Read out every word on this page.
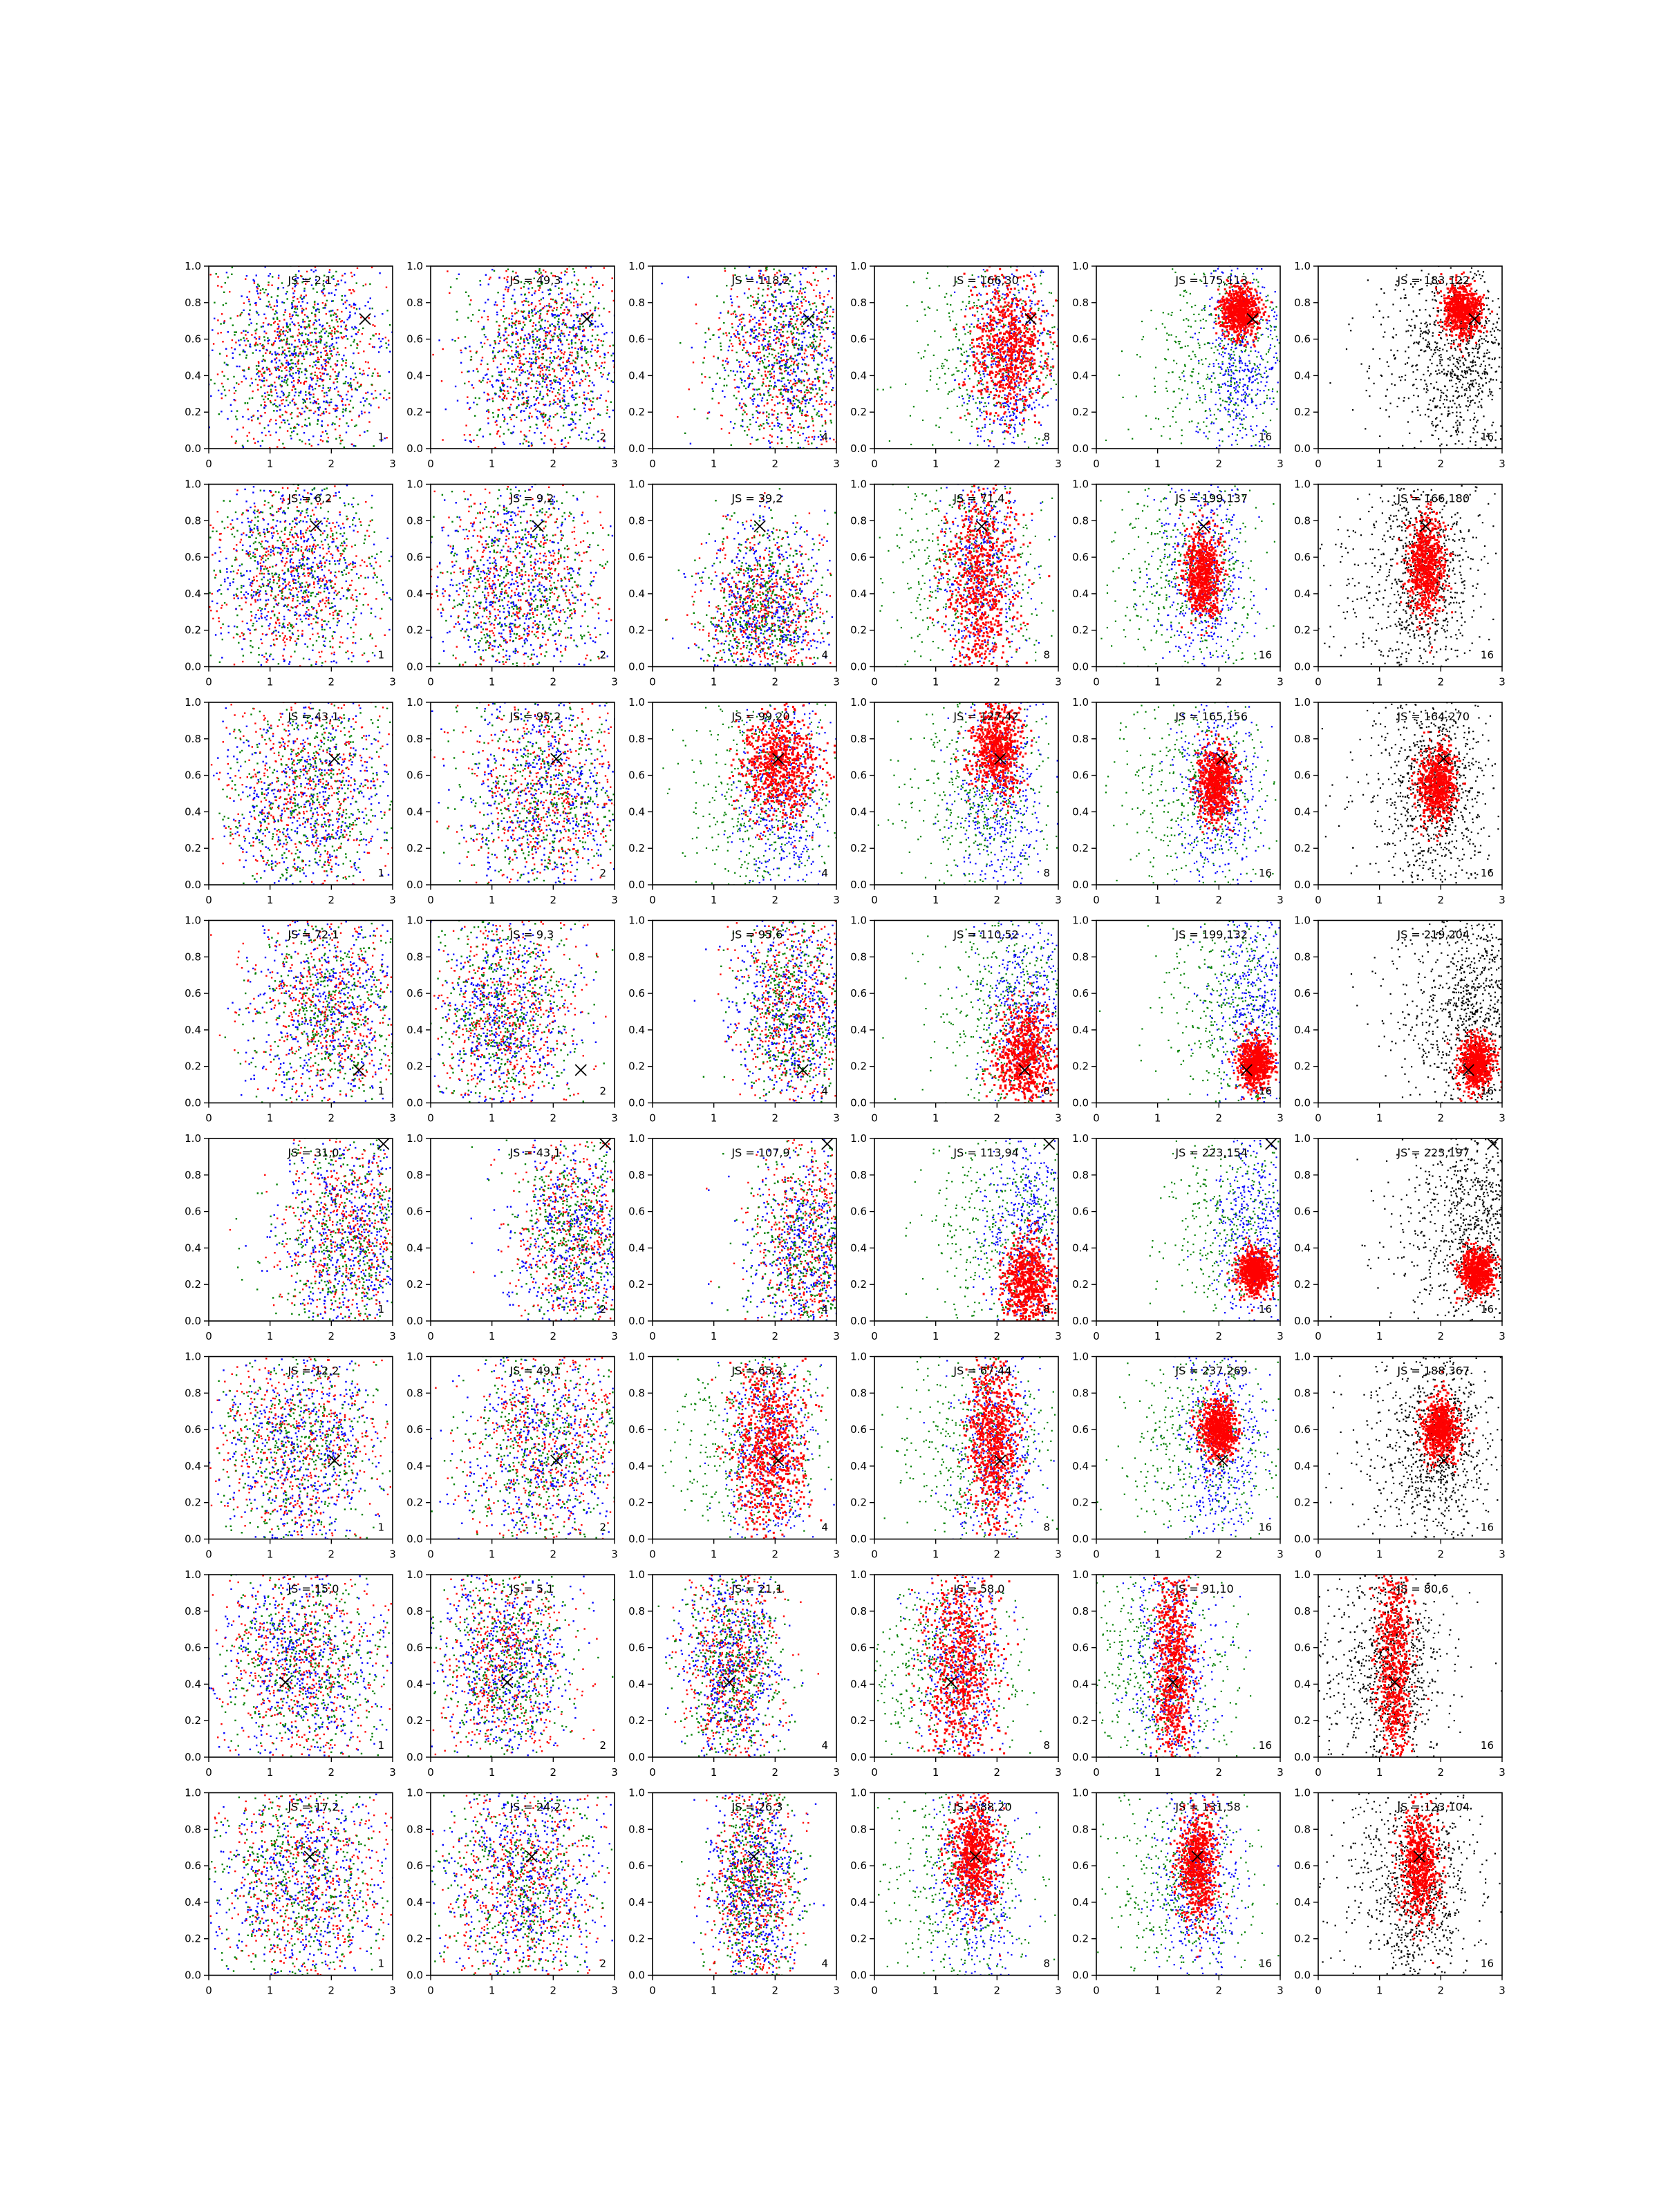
0	1	2	3
0.0
0.2
0.4
0.6
0.8
1.0
JS = 2,1
1
0	1	2	3
0.0
0.2
0.4
0.6
0.8
1.0
JS = 49,3
2
0	1	2	3
0.0
0.2
0.4
0.6
0.8
1.0
JS = 118,2
4
0	1	2	3
0.0
0.2
0.4
0.6
0.8
1.0
JS = 166,30
8
0	1	2	3
0.0
0.2
0.4
0.6
0.8
1.0
JS = 175,113
16
0	1	2	3
0.0
0.2
0.4
0.6
0.8
1.0
JS = 183,122
16
0	1	2	3
0.0
0.2
0.4
0.6
0.8
1.0
JS = 6,2
1
0	1	2	3
0.0
0.2
0.4
0.6
0.8
1.0
JS = 9,2
2
0	1	2	3
0.0
0.2
0.4
0.6
0.8
1.0
JS = 39,2
4
0	1	2	3
0.0
0.2
0.4
0.6
0.8
1.0
JS = 71,4
8
0	1	2	3
0.0
0.2
0.4
0.6
0.8
1.0
JS = 199,137
16
0	1	2	3
0.0
0.2
0.4
0.6
0.8
1.0
JS = 166,180
16
0	1	2	3
0.0
0.2
0.4
0.6
0.8
1.0
JS = 43,1
1
0	1	2	3
0.0
0.2
0.4
0.6
0.8
1.0
JS = 95,2
2
0	1	2	3
0.0
0.2
0.4
0.6
0.8
1.0
JS = 99,20
4
0	1	2	3
0.0
0.2
0.4
0.6
0.8
1.0
JS = 127,42
8
0	1	2	3
0.0
0.2
0.4
0.6
0.8
1.0
JS = 165,156
16
0	1	2	3
0.0
0.2
0.4
0.6
0.8
1.0
JS = 164,270
16
0	1	2	3
0.0
0.2
0.4
0.6
0.8
1.0
JS = 72,1
1
0	1	2	3
0.0
0.2
0.4
0.6
0.8
1.0
JS = 9,3
2
0	1	2	3
0.0
0.2
0.4
0.6
0.8
1.0
JS = 95,6
4
0	1	2	3
0.0
0.2
0.4
0.6
0.8
1.0
JS = 110,52
8
0	1	2	3
0.0
0.2
0.4
0.6
0.8
1.0
JS = 199,132
16
0	1	2	3
0.0
0.2
0.4
0.6
0.8
1.0
JS = 219,204
16
0	1	2	3
0.0
0.2
0.4
0.6
0.8
1.0
JS = 31,0
1
0	1	2	3
0.0
0.2
0.4
0.6
0.8
1.0
JS = 43,1
2
0	1	2	3
0.0
0.2
0.4
0.6
0.8
1.0
JS = 107,9
4
0	1	2	3
0.0
0.2
0.4
0.6
0.8
1.0
JS = 113,94
8
0	1	2	3
0.0
0.2
0.4
0.6
0.8
1.0
JS = 223,154
16
0	1	2	3
0.0
0.2
0.4
0.6
0.8
1.0
JS = 223,197
16
0	1	2	3
0.0
0.2
0.4
0.6
0.8
1.0
JS = 12,2
1
0	1	2	3
0.0
0.2
0.4
0.6
0.8
1.0
JS = 49,1
2
0	1	2	3
0.0
0.2
0.4
0.6
0.8
1.0
JS = 65,2
4
0	1	2	3
0.0
0.2
0.4
0.6
0.8
1.0
JS = 67,44
8
0	1	2	3
0.0
0.2
0.4
0.6
0.8
1.0
JS = 237,269
16
0	1	2	3
0.0
0.2
0.4
0.6
0.8
1.0
JS = 188,367
16
0	1	2	3
0.0
0.2
0.4
0.6
0.8
1.0
JS = 15,0
1
0	1	2	3
0.0
0.2
0.4
0.6
0.8
1.0
JS = 5,1
2
0	1	2	3
0.0
0.2
0.4
0.6
0.8
1.0
JS = 21,1
4
0	1	2	3
0.0
0.2
0.4
0.6
0.8
1.0
JS = 58,0
8
0	1	2	3
0.0
0.2
0.4
0.6
0.8
1.0
JS = 91,10
16
0	1	2	3
0.0
0.2
0.4
0.6
0.8
1.0
JS = 80,6
16
0	1	2	3
0.0
0.2
0.4
0.6
0.8
1.0
JS = 17,2
1
0	1	2	3
0.0
0.2
0.4
0.6
0.8
1.0
JS = 24,2
2
0	1	2	3
0.0
0.2
0.4
0.6
0.8
1.0
JS = 26,3
4
0	1	2	3
0.0
0.2
0.4
0.6
0.8
1.0
JS = 88,20
8
0	1	2	3
0.0
0.2
0.4
0.6
0.8
1.0
JS = 131,58
16
0	1	2	3
0.0
0.2
0.4
0.6
0.8
1.0
JS = 123,104
16
